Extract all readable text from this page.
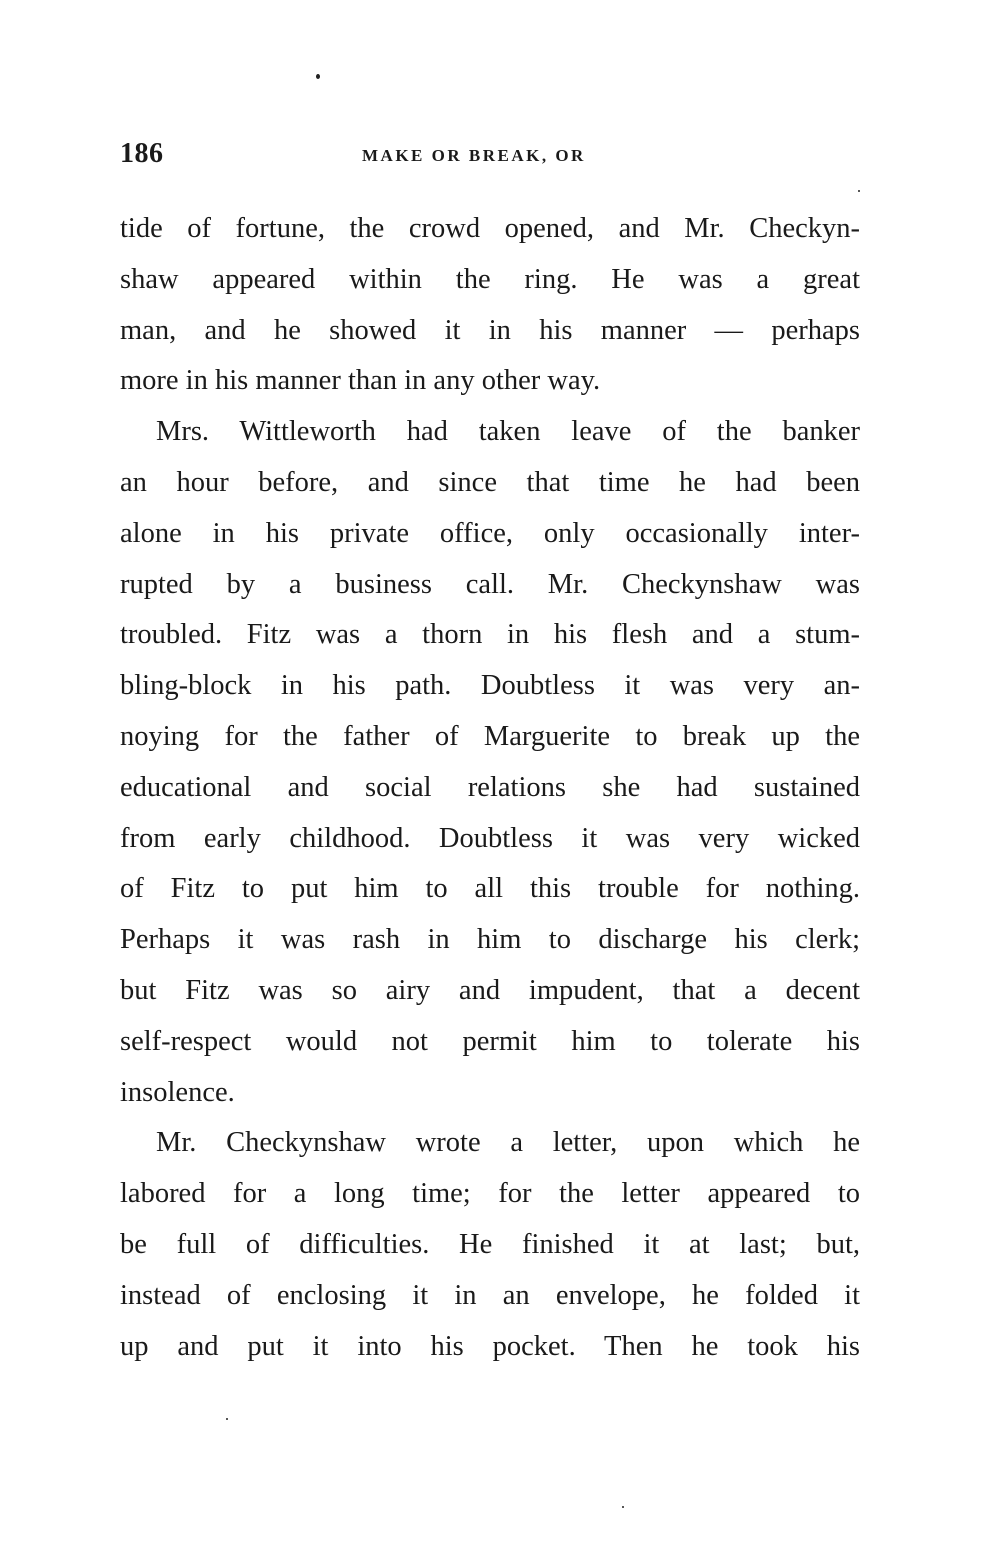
186	MAKE OR BREAK, OR
tide of fortune, the crowd opened, and Mr. Checkyn-
shaw appeared within the ring. He was a great
man, and he showed it in his manner — perhaps
more in his manner than in any other way.
Mrs. Wittleworth had taken leave of the banker
an hour before, and since that time he had been
alone in his private office, only occasionally inter-
rupted by a business call. Mr. Checkynshaw was
troubled. Fitz was a thorn in his flesh and a stum-
bling-block in his path. Doubtless it was very an-
noying for the father of Marguerite to break up the
educational and social relations she had sustained
from early childhood. Doubtless it was very wicked
of Fitz to put him to all this trouble for nothing.
Perhaps it was rash in him to discharge his clerk;
but Fitz was so airy and impudent, that a decent
self-respect would not permit him to tolerate his
insolence.
Mr. Checkynshaw wrote a letter, upon which he
labored for a long time; for the letter appeared to
be full of difficulties. He finished it at last; but,
instead of enclosing it in an envelope, he folded it
up and put it into his pocket. Then he took his
